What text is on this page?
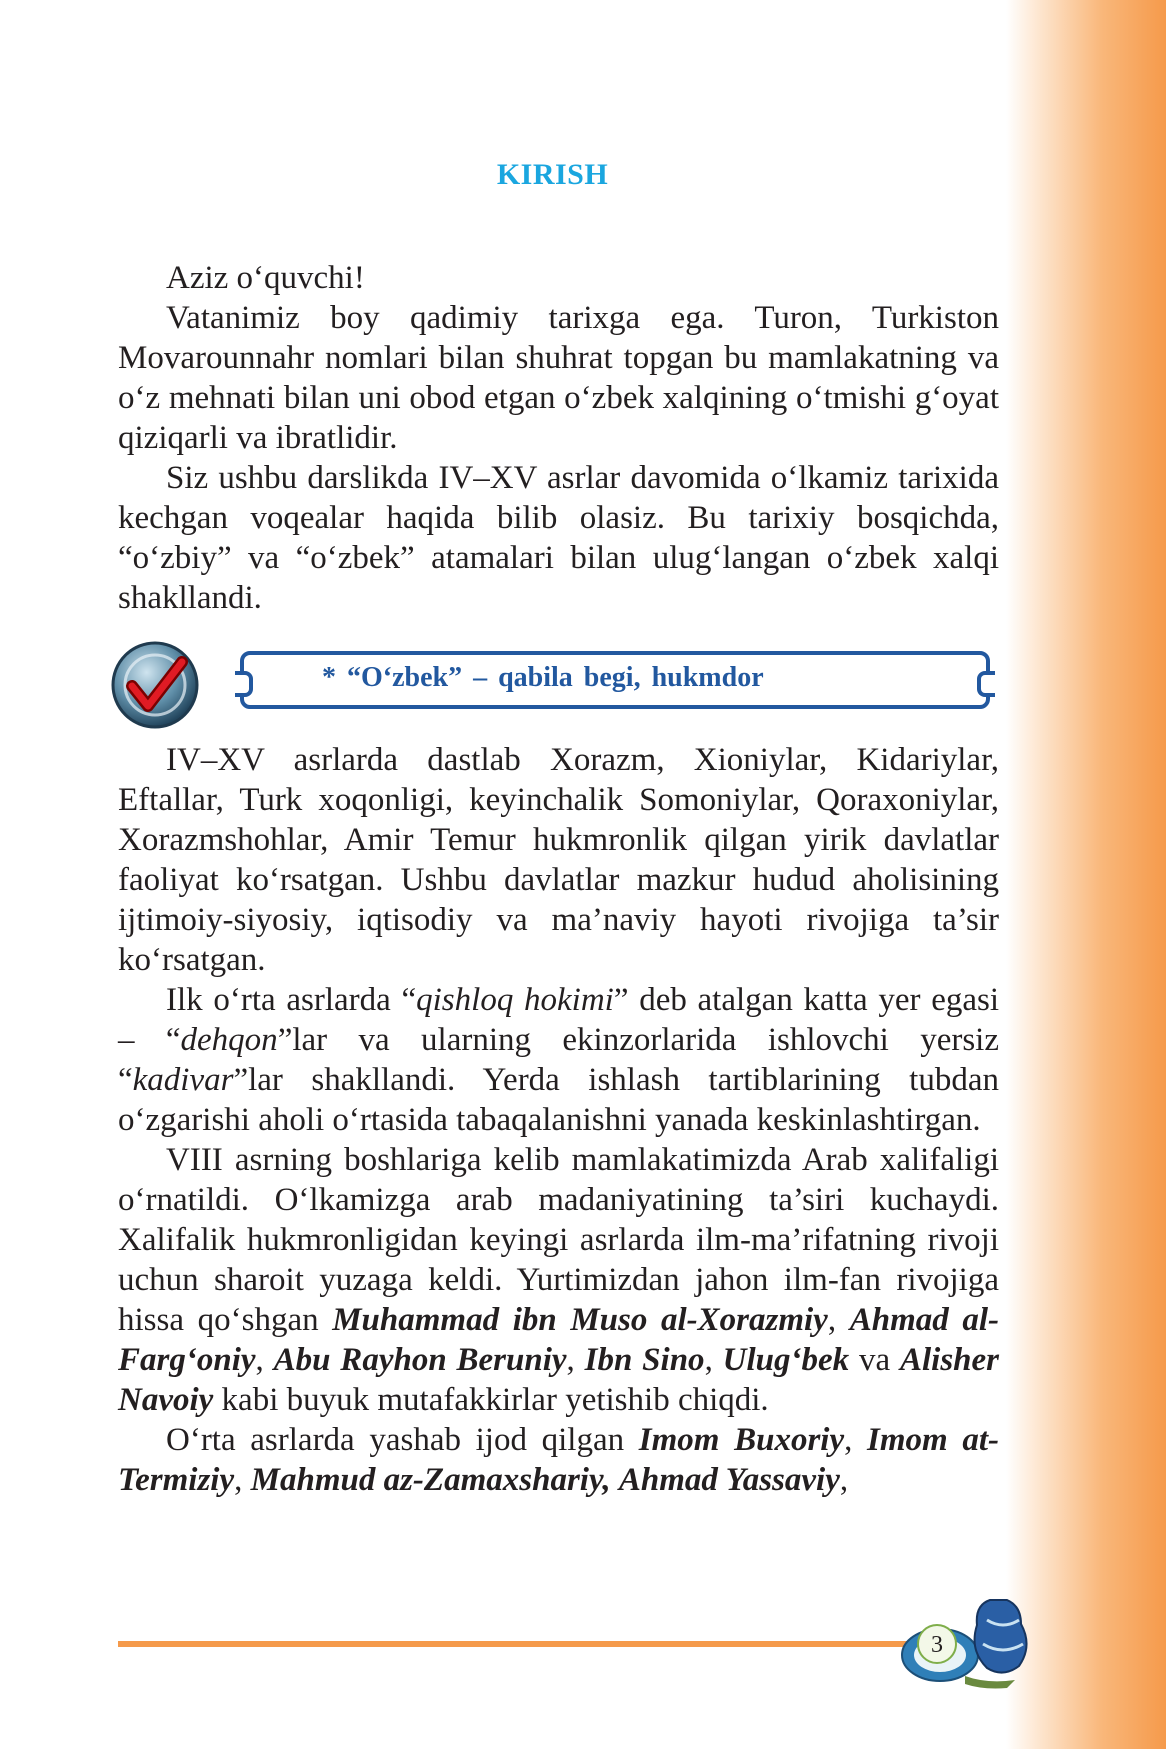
KIRISH

Aziz o‘quvchi!

Vatanimiz boy qadimiy tarixga ega. Turon, Turkiston Movarounnahr nomlari bilan shuhrat topgan bu mamlakatning va o‘z mehnati bilan uni obod etgan o‘zbek xalqining o‘tmishi g‘oyat qiziqarli va ibratlidir.

Siz ushbu darslikda IV–XV asrlar davomida o‘lkamiz tarixida kechgan voqealar haqida bilib olasiz. Bu tarixiy bosqichda, “o‘zbiy” va “o‘zbek” atamalari bilan ulug‘langan o‘zbek xalqi shakllandi.

* “O‘zbek” – qabila begi, hukmdor

IV–XV asrlarda dastlab Xorazm, Xioniylar, Kidariylar, Eftallar, Turk xoqonligi, keyinchalik Somoniylar, Qoraxoniylar, Xorazmshohlar, Amir Temur hukmronlik qilgan yirik davlatlar faoliyat ko‘rsatgan. Ushbu davlatlar mazkur hudud aholisining ijtimoiy-siyosiy, iqtisodiy va ma’naviy hayoti rivojiga ta’sir ko‘rsatgan.

Ilk o‘rta asrlarda “qishloq hokimi” deb atalgan katta yer egasi – “dehqon”lar va ularning ekinzorlarida ishlovchi yersiz “kadivar”lar shakllandi. Yerda ishlash tartiblarining tubdan o‘zgarishi aholi o‘rtasida tabaqalanishni yanada keskinlashtirgan.

VIII asrning boshlariga kelib mamlakatimizda Arab xalifaligi o‘rnatildi. O‘lkamizga arab madaniyatining ta’siri kuchaydi. Xalifalik hukmronligidan keyingi asrlarda ilm-ma’rifatning rivoji uchun sharoit yuzaga keldi. Yurtimizdan jahon ilm-fan rivojiga hissa qo‘shgan Muhammad ibn Muso al-Xorazmiy, Ahmad al-Farg‘oniy, Abu Rayhon Beruniy, Ibn Sino, Ulug‘bek va Alisher Navoiy kabi buyuk mutafakkirlar yetishib chiqdi.

O‘rta asrlarda yashab ijod qilgan Imom Buxoriy, Imom at-Termiziy, Mahmud az-Zamaxshariy, Ahmad Yassaviy,

3
